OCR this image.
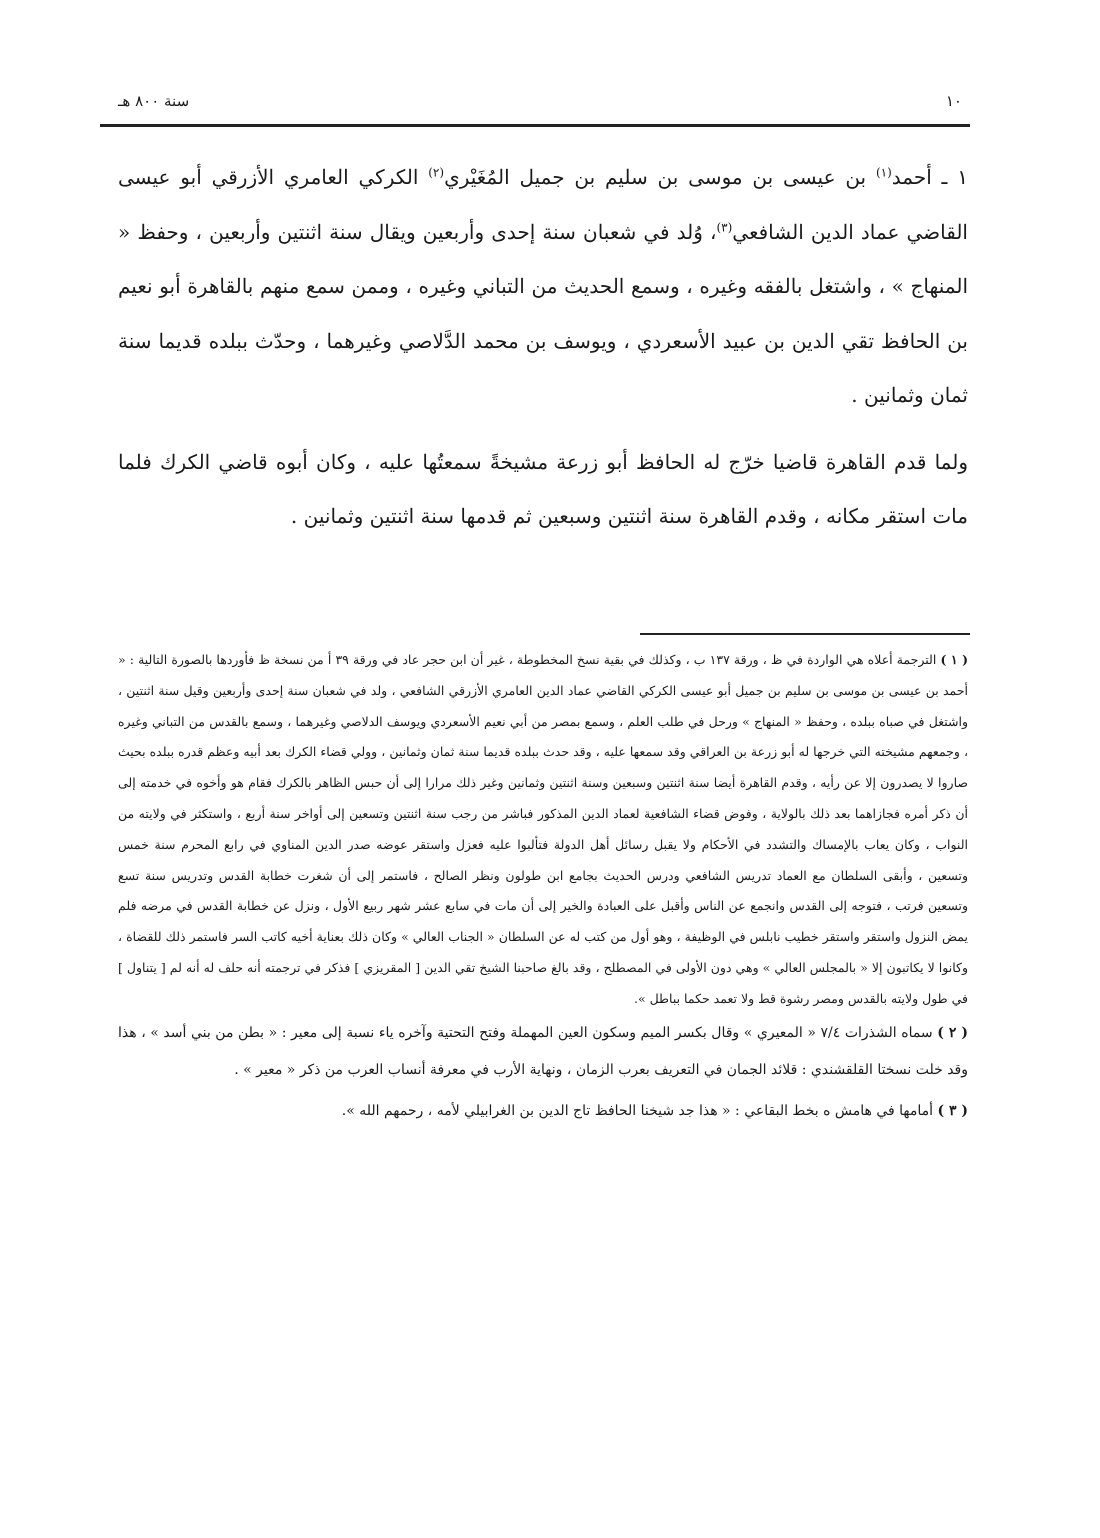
سنة ٨٠٠ هـ	١٠

١ ـ أحمد$^{(١)}$ بن عيسى بن موسى بن سليم بن جميل المُغَيْري$^{(٢)}$ الكركي العامري الأزرقي أبو عيسى القاضي عماد الدين الشافعي$^{(٣)}$، وُلد في شعبان سنة إحدى وأربعين ويقال سنة اثنتين وأربعين ، وحفظ « المنهاج » ، واشتغل بالفقه وغيره ، وسمع الحديث من التباني وغيره ، وممن سمع منهم بالقاهرة أبو نعيم بن الحافظ تقي الدين بن عبيد الأسعردي ، ويوسف بن محمد الدَّلاصي وغيرهما ، وحدّث ببلده قديما سنة ثمان وثمانين .

ولما قدم القاهرة قاضيا خرّج له الحافظ أبو زرعة مشيخةً سمعتُها عليه ، وكان أبوه قاضي الكرك فلما مات استقر مكانه ، وقدم القاهرة سنة اثنتين وسبعين ثم قدمها سنة اثنتين وثمانين .

( ١ ) الترجمة أعلاه هي الواردة في ظ ، ورقة ١٣٧ ب ، وكذلك في بقية نسخ المخطوطة ، غير أن ابن حجر عاد في ورقة ٣٩ أ من نسخة ظ فأوردها بالصورة التالية : « أحمد بن عيسى بن موسى بن سليم بن جميل أبو عيسى الكركي القاضي عماد الدين العامري الأزرقي الشافعي ، ولد في شعبان سنة إحدى وأربعين وقيل سنة اثنتين ، واشتغل في صباه ببلده ، وحفظ « المنهاج » ورحل في طلب العلم ، وسمع بمصر من أبي نعيم الأسعردي ويوسف الدلاصي وغيرهما ، وسمع بالقدس من التباني وغيره ، وجمعهم مشيخته التي خرجها له أبو زرعة بن العراقي وقد سمعها عليه ، وقد حدث ببلده قديما سنة ثمان وثمانين ، وولي قضاء الكرك بعد أبيه وعظم قدره ببلده بحيث صاروا لا يصدرون إلا عن رأيه ، وقدم القاهرة أيضا سنة اثنتين وسبعين وسنة اثنتين وثمانين وغير ذلك مرارا إلى أن حبس الظاهر بالكرك فقام هو وأخوه في خدمته إلى أن ذكر أمره فجازاهما بعد ذلك بالولاية ، وفوض قضاء الشافعية لعماد الدين المذكور فباشر من رجب سنة اثنتين وتسعين إلى أواخر سنة أربع ، واستكثر في ولايته من النواب ، وكان يعاب بالإمساك والتشدد في الأحكام ولا يقبل رسائل أهل الدولة فتألبوا عليه فعزل واستقر عوضه صدر الدين المناوي في رابع المحرم سنة خمس وتسعين ، وأبقى السلطان مع العماد تدريس الشافعي ودرس الحديث بجامع ابن طولون ونظر الصالح ، فاستمر إلى أن شغرت خطابة القدس وتدريس سنة تسع وتسعين فرتب ، فتوجه إلى القدس وانجمع عن الناس وأقبل على العبادة والخير إلى أن مات في سابع عشر شهر ربيع الأول ، ونزل عن خطابة القدس في مرضه فلم يمض النزول واستقر واستقر خطيب نابلس في الوظيفة ، وهو أول من كتب له عن السلطان « الجناب العالي » وكان ذلك بعناية أخيه كاتب السر فاستمر ذلك للقضاة ، وكانوا لا يكاتبون إلا « بالمجلس العالي » وهي دون الأولى في المصطلح ، وقد بالغ صاحبنا الشيخ تقي الدين [ المقريزي ] فذكر في ترجمته أنه حلف له أنه لم [ يتناول ] في طول ولايته بالقدس ومصر رشوة قط ولا تعمد حكما بباطل ».

( ٢ ) سماه الشذرات ٧/٤ « المعيري » وقال بكسر الميم وسكون العين المهملة وفتح التحتية وآخره ياء نسبة إلى معير : « بطن من بني أسد » ، هذا وقد خلت نسختا القلقشندي : قلائد الجمان في التعريف بعرب الزمان ، ونهاية الأرب في معرفة أنساب العرب من ذكر « معير » .

( ٣ ) أمامها في هامش ه بخط البقاعي : « هذا جد شيخنا الحافظ تاج الدين بن الغرابيلي لأمه ، رحمهم الله ».
